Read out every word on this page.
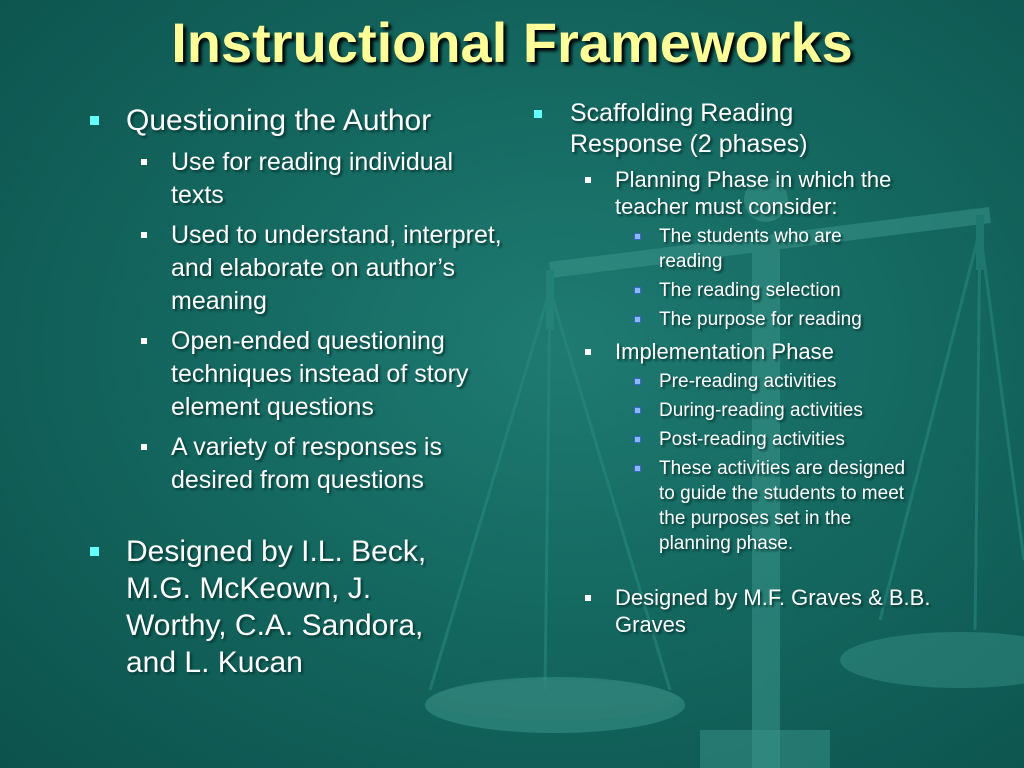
Instructional Frameworks
Questioning the Author
Use for reading individual texts
Used to understand, interpret, and elaborate on author’s meaning
Open-ended questioning techniques instead of story element questions
A variety of responses is desired from questions
Designed by I.L. Beck, M.G. McKeown, J. Worthy, C.A. Sandora, and L. Kucan
Scaffolding Reading Response (2 phases)
Planning Phase in which the teacher must consider:
The students who are reading
The reading selection
The purpose for reading
Implementation Phase
Pre-reading activities
During-reading activities
Post-reading activities
These activities are designed to guide the students to meet the purposes set in the planning phase.
Designed by M.F. Graves & B.B. Graves
